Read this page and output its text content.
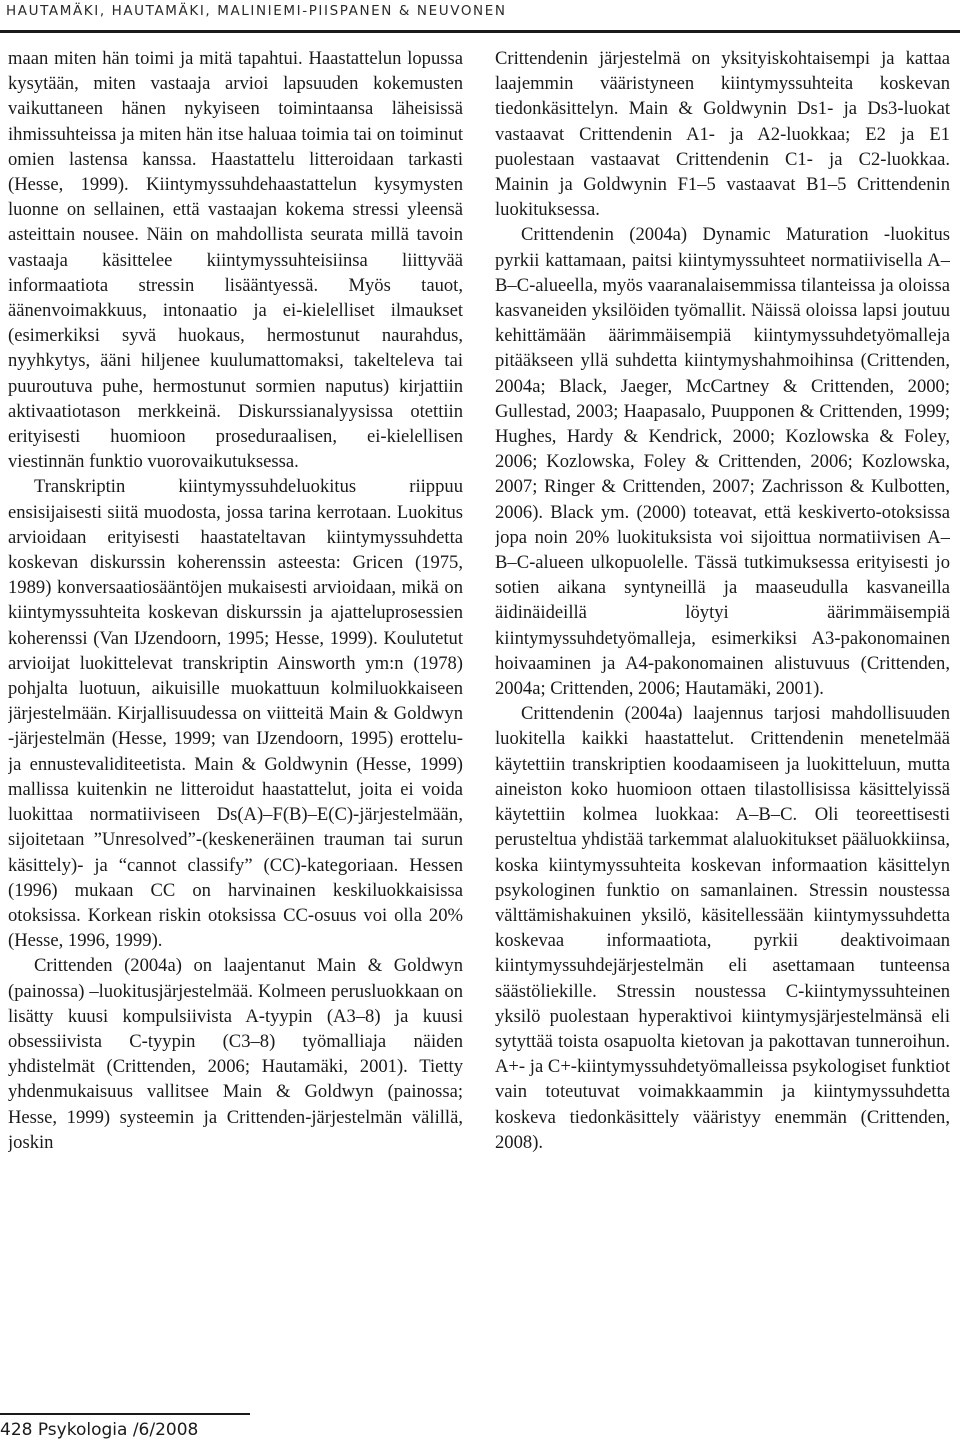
HAUTAMÄKI, HAUTAMÄKI, MALINIEMI-PIISPANEN & NEUVONEN

maan miten hän toimi ja mitä tapahtui. Haastattelun lopussa kysytään, miten vastaaja arvioi lapsuuden kokemusten vaikuttaneen hänen nykyiseen toimintaansa läheisissä ihmissuhteissa ja miten hän itse haluaa toimia tai on toiminut omien lastensa kanssa. Haastattelu litteroidaan tarkasti (Hesse, 1999). Kiintymyssuhdehaastattelun kysymysten luonne on sellainen, että vastaajan kokema stressi yleensä asteittain nousee. Näin on mahdollista seurata millä tavoin vastaaja käsittelee kiintymyssuhteisiinsa liittyvää informaatiota stressin lisääntyessä. Myös tauot, äänenvoimakkuus, intonaatio ja ei-kielelliset ilmaukset (esimerkiksi syvä huokaus, hermostunut naurahdus, nyyhkytys, ääni hiljenee kuulumattomaksi, takelteleva tai puuroutuva puhe, hermostunut sormien naputus) kirjattiin aktivaatiotason merkkeinä. Diskurssianalyysissa otettiin erityisesti huomioon proseduraalisen, ei-kielellisen viestinnän funktio vuorovaikutuksessa.

Transkriptin kiintymyssuhdeluokitus riippuu ensisijaisesti siitä muodosta, jossa tarina kerrotaan. Luokitus arvioidaan erityisesti haastateltavan kiintymyssuhdetta koskevan diskurssin koherenssin asteesta: Gricen (1975, 1989) konversaatiosääntöjen mukaisesti arvioidaan, mikä on kiintymyssuhteita koskevan diskurssin ja ajatteluprosessien koherenssi (Van IJzendoorn, 1995; Hesse, 1999). Koulutetut arvioijat luokittelevat transkriptin Ainsworth ym:n (1978) pohjalta luotuun, aikuisille muokattuun kolmiluokkaiseen järjestelmään. Kirjallisuudessa on viitteitä Main & Goldwyn -järjestelmän (Hesse, 1999; van IJzendoorn, 1995) erottelu- ja ennustevaliditeetista. Main & Goldwynin (Hesse, 1999) mallissa kuitenkin ne litteroidut haastattelut, joita ei voida luokittaa normatiiviseen Ds(A)–F(B)–E(C)-järjestelmään, sijoitetaan ”Unresolved”-(keskeneräinen trauman tai surun käsittely)- ja “cannot classify” (CC)-kategoriaan. Hessen (1996) mukaan CC on harvinainen keskiluokkaisissa otoksissa. Korkean riskin otoksissa CC-osuus voi olla 20% (Hesse, 1996, 1999).

Crittenden (2004a) on laajentanut Main & Goldwyn (painossa) –luokitusjärjestelmää. Kolmeen perusluokkaan on lisätty kuusi kompulsiivista A-tyypin (A3–8) ja kuusi obsessiivista C-tyypin (C3–8) työmalliaja näiden yhdistelmät (Crittenden, 2006; Hautamäki, 2001). Tietty yhdenmukaisuus vallitsee Main & Goldwyn (painossa; Hesse, 1999) systeemin ja Crittenden-järjestelmän välillä, joskin

Crittendenin järjestelmä on yksityiskohtaisempi ja kattaa laajemmin vääristyneen kiintymyssuhteita koskevan tiedonkäsittelyn. Main & Goldwynin Ds1- ja Ds3-luokat vastaavat Crittendenin A1- ja A2-luokkaa; E2 ja E1 puolestaan vastaavat Crittendenin C1- ja C2-luokkaa. Mainin ja Goldwynin F1–5 vastaavat B1–5 Crittendenin luokituksessa.

Crittendenin (2004a) Dynamic Maturation -luokitus pyrkii kattamaan, paitsi kiintymyssuhteet normatiivisella A–B–C-alueella, myös vaaranalaisemmissa tilanteissa ja oloissa kasvaneiden yksilöiden työmallit. Näissä oloissa lapsi joutuu kehittämään äärimmäisempiä kiintymyssuhdetyömalleja pitääkseen yllä suhdetta kiintymyshahmoihinsa (Crittenden, 2004a; Black, Jaeger, McCartney & Crittenden, 2000; Gullestad, 2003; Haapasalo, Puupponen & Crittenden, 1999; Hughes, Hardy & Kendrick, 2000; Kozlowska & Foley, 2006; Kozlowska, Foley & Crittenden, 2006; Kozlowska, 2007; Ringer & Crittenden, 2007; Zachrisson & Kulbotten, 2006). Black ym. (2000) toteavat, että keskiverto-otoksissa jopa noin 20% luokituksista voi sijoittua normatiivisen A–B–C-alueen ulkopuolelle. Tässä tutkimuksessa erityisesti jo sotien aikana syntyneillä ja maaseudulla kasvaneilla äidinäideillä löytyi äärimmäisempiä kiintymyssuhdetyömalleja, esimerkiksi A3-pakonomainen hoivaaminen ja A4-pakonomainen alistuvuus (Crittenden, 2004a; Crittenden, 2006; Hautamäki, 2001).

Crittendenin (2004a) laajennus tarjosi mahdollisuuden luokitella kaikki haastattelut. Crittendenin menetelmää käytettiin transkriptien koodaamiseen ja luokitteluun, mutta aineiston koko huomioon ottaen tilastollisissa käsittelyissä käytettiin kolmea luokkaa: A–B–C. Oli teoreettisesti perusteltua yhdistää tarkemmat alaluokitukset pääluokkiinsa, koska kiintymyssuhteita koskevan informaation käsittelyn psykologinen funktio on samanlainen. Stressin noustessa välttämishakuinen yksilö, käsitellessään kiintymyssuhdetta koskevaa informaatiota, pyrkii deaktivoimaan kiintymyssuhdejärjestelmän eli asettamaan tunteensa säästöliekille. Stressin noustessa C-kiintymyssuhteinen yksilö puolestaan hyperaktivoi kiintymysjärjestelmänsä eli sytyttää toista osapuolta kietovan ja pakottavan tunneroihun. A+- ja C+-kiintymyssuhdetyömalleissa psykologiset funktiot vain toteutuvat voimakkaammin ja kiintymyssuhdetta koskeva tiedonkäsittely vääristyy enemmän (Crittenden, 2008).

428 Psykologia /6/2008
